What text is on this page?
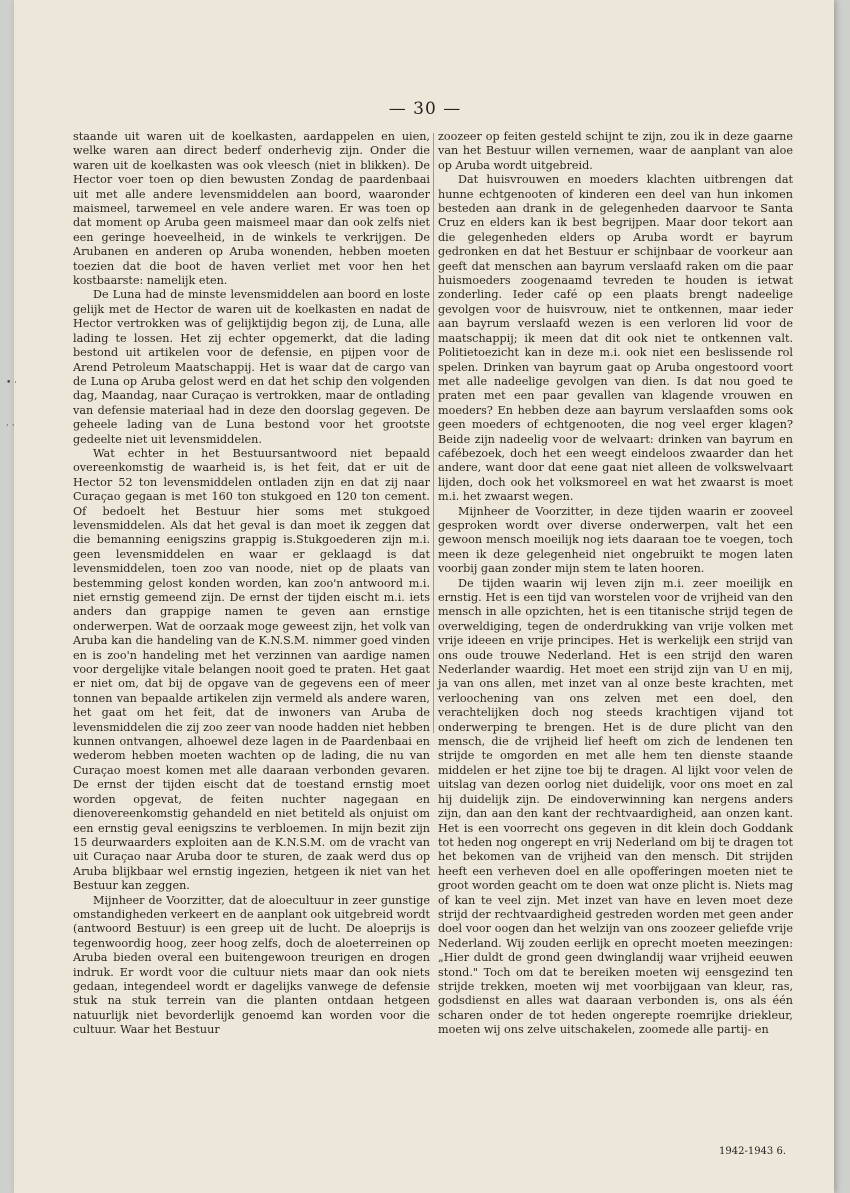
— 30 —
• ·
· ·

staande uit waren uit de koelkasten, aardappelen en uien, welke waren aan direct bederf onderhevig zijn. Onder die waren uit de koelkasten was ook vleesch (niet in blikken). De Hector voer toen op dien bewusten Zondag de paardenbaai uit met alle andere levensmiddelen aan boord, waaronder maismeel, tarwemeel en vele andere waren. Er was toen op dat moment op Aruba geen maismeel maar dan ook zelfs niet een geringe hoeveelheid, in de winkels te verkrijgen. De Arubanen en anderen op Aruba wonenden, hebben moeten toezien dat die boot de haven verliet met voor hen het kostbaarste: namelijk eten.

De Luna had de minste levensmiddelen aan boord en loste gelijk met de Hector de waren uit de koelkasten en nadat de Hector vertrokken was of gelijktijdig begon zij, de Luna, alle lading te lossen. Het zij echter opgemerkt, dat die lading bestond uit artikelen voor de defensie, en pijpen voor de Arend Petroleum Maatschappij. Het is waar dat de cargo van de Luna op Aruba gelost werd en dat het schip den volgenden dag, Maandag, naar Curaçao is vertrokken, maar de ontlading van defensie materiaal had in deze den doorslag gegeven. De geheele lading van de Luna bestond voor het grootste gedeelte niet uit levensmiddelen.

Wat echter in het Bestuursantwoord niet bepaald overeenkomstig de waarheid is, is het feit, dat er uit de Hector 52 ton levensmiddelen ontladen zijn en dat zij naar Curaçao gegaan is met 160 ton stukgoed en 120 ton cement. Of bedoelt het Bestuur hier soms met stukgoed levensmiddelen. Als dat het geval is dan moet ik zeggen dat die bemanning eenigszins grappig is.Stukgoederen zijn m.i. geen levensmiddelen en waar er geklaagd is dat levensmiddelen, toen zoo van noode, niet op de plaats van bestemming gelost konden worden, kan zoo'n antwoord m.i. niet ernstig gemeend zijn. De ernst der tijden eischt m.i. iets anders dan grappige namen te geven aan ernstige onderwerpen. Wat de oorzaak moge geweest zijn, het volk van Aruba kan die handeling van de K.N.S.M. nimmer goed vinden en is zoo'n handeling met het verzinnen van aardige namen voor dergelijke vitale belangen nooit goed te praten. Het gaat er niet om, dat bij de opgave van de gegevens een of meer tonnen van bepaalde artikelen zijn vermeld als andere waren, het gaat om het feit, dat de inwoners van Aruba de levensmiddelen die zij zoo zeer van noode hadden niet hebben kunnen ontvangen, alhoewel deze lagen in de Paardenbaai en wederom hebben moeten wachten op de lading, die nu van Curaçao moest komen met alle daaraan verbonden gevaren. De ernst der tijden eischt dat de toestand ernstig moet worden opgevat, de feiten nuchter nagegaan en dienovereenkomstig gehandeld en niet betiteld als onjuist om een ernstig geval eenigszins te verbloemen. In mijn bezit zijn 15 deurwaarders exploiten aan de K.N.S.M. om de vracht van uit Curaçao naar Aruba door te sturen, de zaak werd dus op Aruba blijkbaar wel ernstig ingezien, hetgeen ik niet van het Bestuur kan zeggen.

Mijnheer de Voorzitter, dat de aloecultuur in zeer gunstige omstandigheden verkeert en de aanplant ook uitgebreid wordt (antwoord Bestuur) is een greep uit de lucht. De aloeprijs is tegenwoordig hoog, zeer hoog zelfs, doch de aloeterreinen op Aruba bieden overal een buitengewoon treurigen en drogen indruk. Er wordt voor die cultuur niets maar dan ook niets gedaan, integendeel wordt er dagelijks vanwege de defensie stuk na stuk terrein van die planten ontdaan hetgeen natuurlijk niet bevorderlijk genoemd kan worden voor die cultuur. Waar het Bestuur

zoozeer op feiten gesteld schijnt te zijn, zou ik in deze gaarne van het Bestuur willen vernemen, waar de aanplant van aloe op Aruba wordt uitgebreid.

Dat huisvrouwen en moeders klachten uitbrengen dat hunne echtgenooten of kinderen een deel van hun inkomen besteden aan drank in de gelegenheden daarvoor te Santa Cruz en elders kan ik best begrijpen. Maar door tekort aan die gelegenheden elders op Aruba wordt er bayrum gedronken en dat het Bestuur er schijnbaar de voorkeur aan geeft dat menschen aan bayrum verslaafd raken om die paar huismoeders zoogenaamd tevreden te houden is ietwat zonderling. Ieder café op een plaats brengt nadeelige gevolgen voor de huisvrouw, niet te ontkennen, maar ieder aan bayrum verslaafd wezen is een verloren lid voor de maatschappij; ik meen dat dit ook niet te ontkennen valt. Politietoezicht kan in deze m.i. ook niet een beslissende rol spelen. Drinken van bayrum gaat op Aruba ongestoord voort met alle nadeelige gevolgen van dien. Is dat nou goed te praten met een paar gevallen van klagende vrouwen en moeders? En hebben deze aan bayrum verslaafden soms ook geen moeders of echtgenooten, die nog veel erger klagen? Beide zijn nadeelig voor de welvaart: drinken van bayrum en cafébezoek, doch het een weegt eindeloos zwaarder dan het andere, want door dat eene gaat niet alleen de volkswelvaart lijden, doch ook het volksmoreel en wat het zwaarst is moet m.i. het zwaarst wegen.

Mijnheer de Voorzitter, in deze tijden waarin er zooveel gesproken wordt over diverse onderwerpen, valt het een gewoon mensch moeilijk nog iets daaraan toe te voegen, toch meen ik deze gelegenheid niet ongebruikt te mogen laten voorbij gaan zonder mijn stem te laten hooren.

De tijden waarin wij leven zijn m.i. zeer moeilijk en ernstig. Het is een tijd van worstelen voor de vrijheid van den mensch in alle opzichten, het is een titanische strijd tegen de overweldiging, tegen de onderdrukking van vrije volken met vrije ideeen en vrije principes. Het is werkelijk een strijd van ons oude trouwe Nederland. Het is een strijd den waren Nederlander waardig. Het moet een strijd zijn van U en mij, ja van ons allen, met inzet van al onze beste krachten, met verloochening van ons zelven met een doel, den verachtelijken doch nog steeds krachtigen vijand tot onderwerping te brengen. Het is de dure plicht van den mensch, die de vrijheid lief heeft om zich de lendenen ten strijde te omgorden en met alle hem ten dienste staande middelen er het zijne toe bij te dragen. Al lijkt voor velen de uitslag van dezen oorlog niet duidelijk, voor ons moet en zal hij duidelijk zijn. De eindoverwinning kan nergens anders zijn, dan aan den kant der rechtvaardigheid, aan onzen kant. Het is een voorrecht ons gegeven in dit klein doch Goddank tot heden nog ongerept en vrij Nederland om bij te dragen tot het bekomen van de vrijheid van den mensch. Dit strijden heeft een verheven doel en alle opofferingen moeten niet te groot worden geacht om te doen wat onze plicht is. Niets mag of kan te veel zijn. Met inzet van have en leven moet deze strijd der rechtvaardigheid gestreden worden met geen ander doel voor oogen dan het welzijn van ons zoozeer geliefde vrije Nederland. Wij zouden eerlijk en oprecht moeten meezingen: „Hier duldt de grond geen dwinglandij waar vrijheid eeuwen stond." Toch om dat te bereiken moeten wij eensgezind ten strijde trekken, moeten wij met voorbijgaan van kleur, ras, godsdienst en alles wat daaraan verbonden is, ons als één scharen onder de tot heden ongerepte roemrijke driekleur, moeten wij ons zelve uitschakelen, zoomede alle partij- en

1942-1943 6.
